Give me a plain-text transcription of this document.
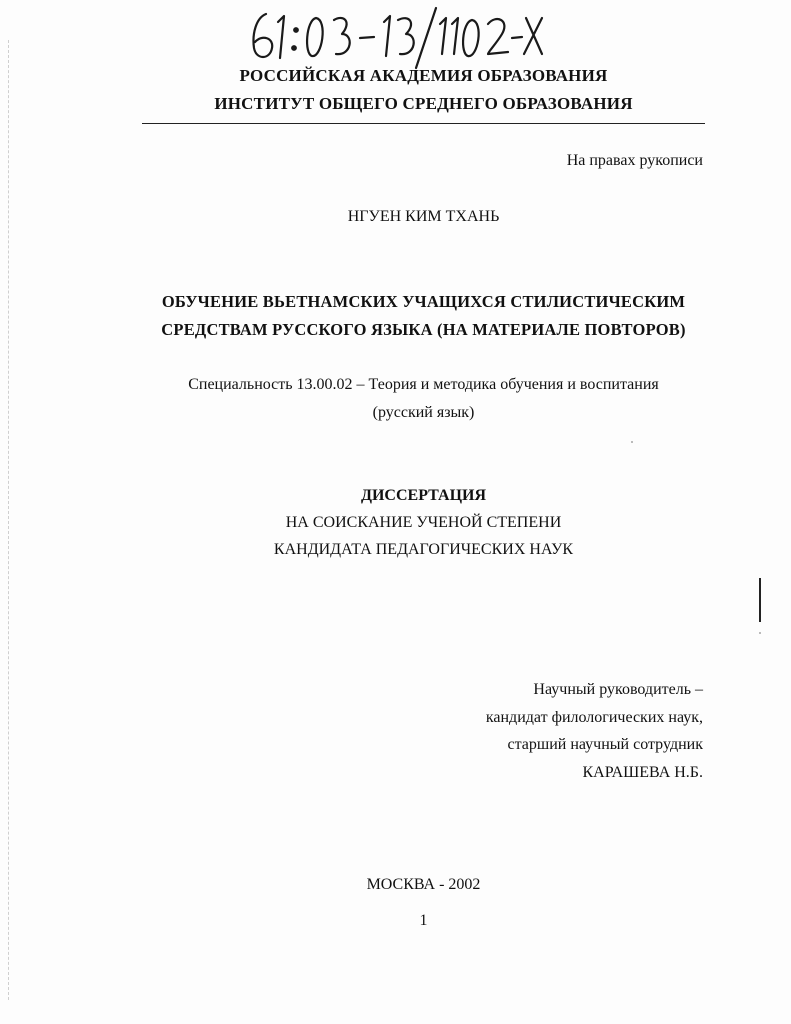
РОССИЙСКАЯ АКАДЕМИЯ ОБРАЗОВАНИЯ
ИНСТИТУТ ОБЩЕГО СРЕДНЕГО ОБРАЗОВАНИЯ
На правах рукописи
НГУЕН КИМ ТХАНЬ
ОБУЧЕНИЕ ВЬЕТНАМСКИХ УЧАЩИХСЯ СТИЛИСТИЧЕСКИМ
СРЕДСТВАМ РУССКОГО ЯЗЫКА (НА МАТЕРИАЛЕ ПОВТОРОВ)
Специальность 13.00.02 – Теория и методика обучения и воспитания
(русский язык)
ДИССЕРТАЦИЯ
НА СОИСКАНИЕ УЧЕНОЙ СТЕПЕНИ
КАНДИДАТА ПЕДАГОГИЧЕСКИХ НАУК
Научный руководитель –
кандидат филологических наук,
старший научный сотрудник
КАРАШЕВА Н.Б.
МОСКВА - 2002
1
